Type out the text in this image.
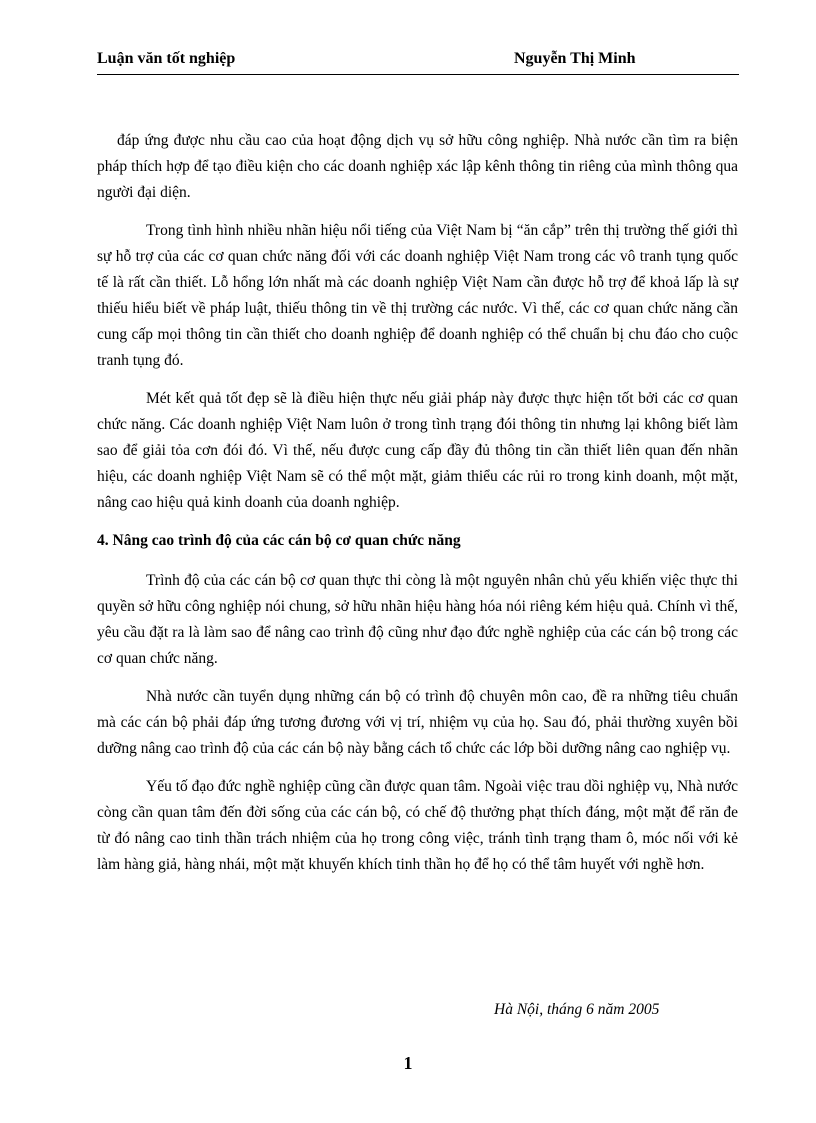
Luận văn tốt nghiệp	Nguyễn Thị Minh

đáp ứng được nhu cầu cao của hoạt động dịch vụ sở hữu công nghiệp. Nhà nước cần tìm ra biện pháp thích hợp để tạo điều kiện cho các doanh nghiệp xác lập kênh thông tin riêng của mình thông qua người đại diện.

Trong tình hình nhiều nhãn hiệu nổi tiếng của Việt Nam bị “ăn cắp” trên thị trường thế giới thì sự hỗ trợ của các cơ quan chức năng đối với các doanh nghiệp Việt Nam trong các vô tranh tụng quốc tế là rất cần thiết. Lỗ hổng lớn nhất mà các doanh nghiệp Việt Nam cần được hỗ trợ để khoả lấp là sự thiếu hiểu biết về pháp luật, thiếu thông tin về thị trường các nước. Vì thế, các cơ quan chức năng cần cung cấp mọi thông tin cần thiết cho doanh nghiệp để doanh nghiệp có thể chuẩn bị chu đáo cho cuộc tranh tụng đó.

Mét kết quả tốt đẹp sẽ là điều hiện thực nếu giải pháp này được thực hiện tốt bởi các cơ quan chức năng. Các doanh nghiệp Việt Nam luôn ở trong tình trạng đói thông tin nhưng lại không biết làm sao để giải tỏa cơn đói đó. Vì thế, nếu được cung cấp đầy đủ thông tin cần thiết liên quan đến nhãn hiệu, các doanh nghiệp Việt Nam sẽ có thể một mặt, giảm thiểu các rủi ro trong kinh doanh, một mặt, nâng cao hiệu quả kinh doanh của doanh nghiệp.

4. Nâng cao trình độ của các cán bộ cơ quan chức năng

Trình độ của các cán bộ cơ quan thực thi còng là một nguyên nhân chủ yếu khiến việc thực thi quyền sở hữu công nghiệp nói chung, sở hữu nhãn hiệu hàng hóa nói riêng kém hiệu quả. Chính vì thế, yêu cầu đặt ra là làm sao để nâng cao trình độ cũng như đạo đức nghề nghiệp của các cán bộ trong các cơ quan chức năng.

Nhà nước cần tuyển dụng những cán bộ có trình độ chuyên môn cao, đề ra những tiêu chuẩn mà các cán bộ phải đáp ứng tương đương với vị trí, nhiệm vụ của họ. Sau đó, phải thường xuyên bồi dưỡng nâng cao trình độ của các cán bộ này bằng cách tổ chức các lớp bồi dưỡng nâng cao nghiệp vụ.

Yếu tố đạo đức nghề nghiệp cũng cần được quan tâm. Ngoài việc trau dồi nghiệp vụ, Nhà nước còng cần quan tâm đến đời sống của các cán bộ, có chế độ thưởng phạt thích đáng, một mặt để răn đe từ đó nâng cao tinh thần trách nhiệm của họ trong công việc, tránh tình trạng tham ô, móc nối với kẻ làm hàng giả, hàng nhái, một mặt khuyến khích tinh thần họ để họ có thể tâm huyết với nghề hơn.

Hà Nội, tháng 6 năm 2005
1
